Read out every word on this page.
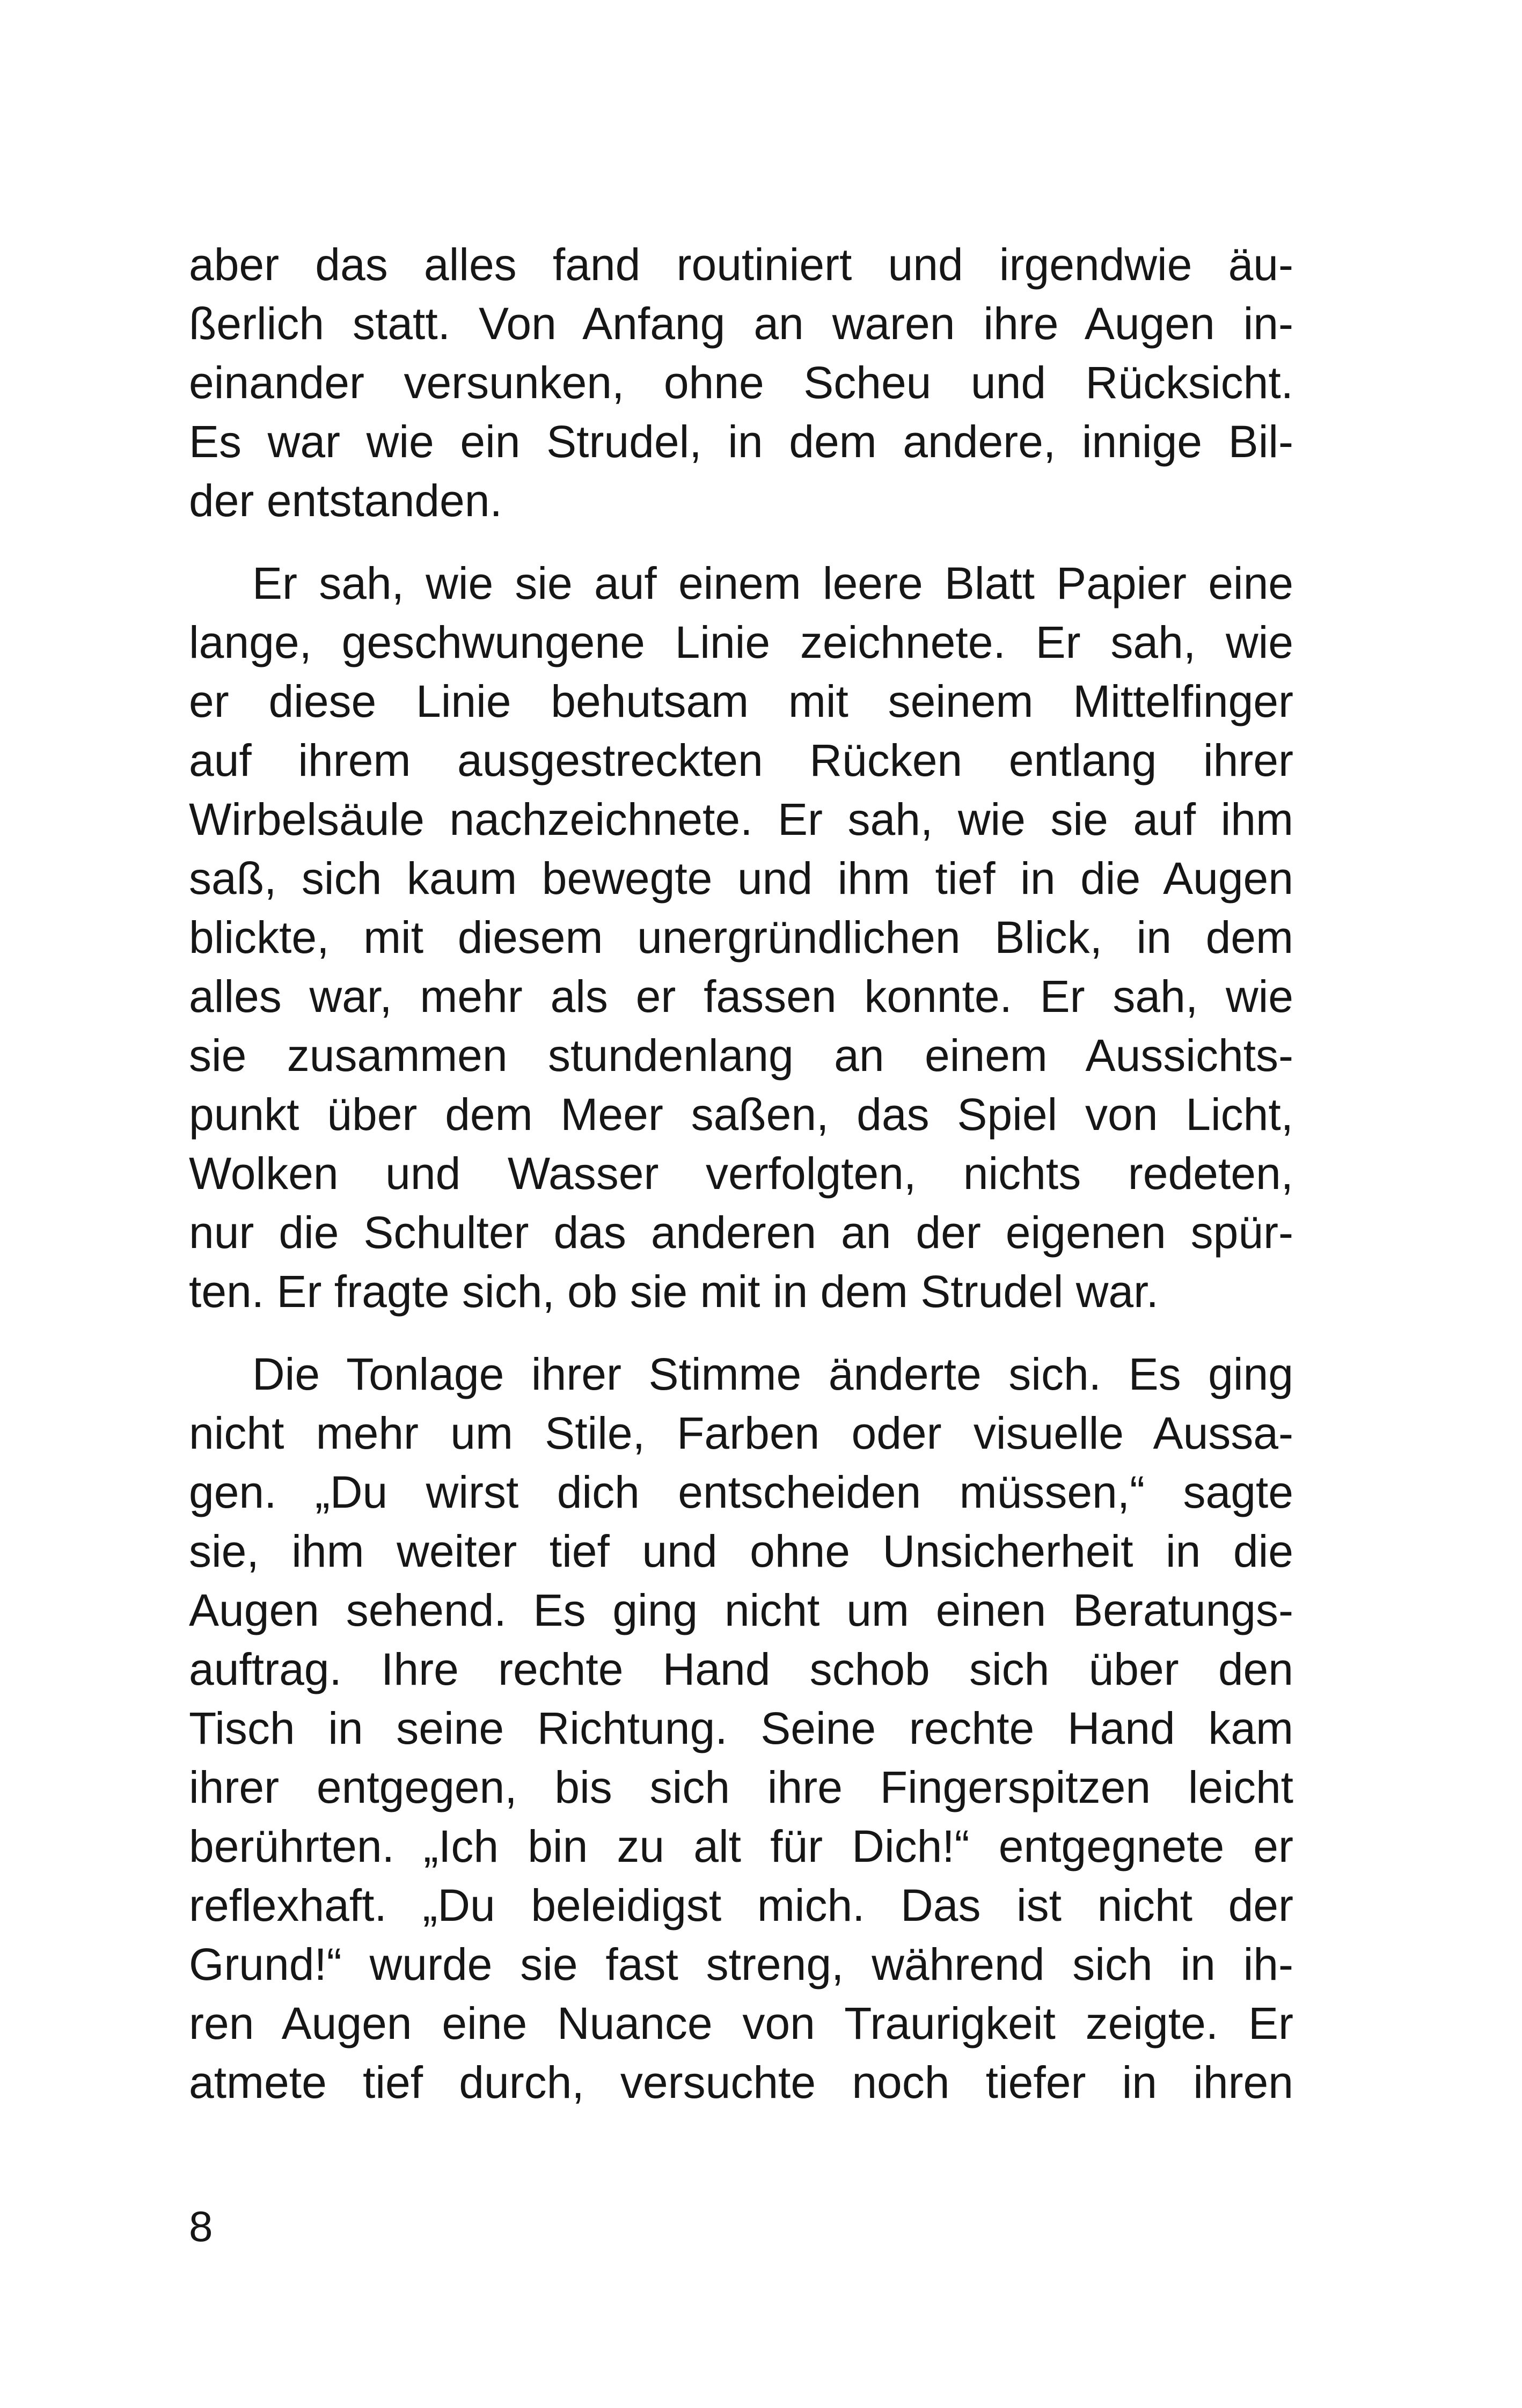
aber das alles fand routiniert und irgendwie äu-
ßerlich statt. Von Anfang an waren ihre Augen in-
einander versunken, ohne Scheu und Rücksicht.
Es war wie ein Strudel, in dem andere, innige Bil-
der entstanden.
Er sah, wie sie auf einem leere Blatt Papier eine
lange, geschwungene Linie zeichnete. Er sah, wie
er diese Linie behutsam mit seinem Mittelfinger
auf ihrem ausgestreckten Rücken entlang ihrer
Wirbelsäule nachzeichnete. Er sah, wie sie auf ihm
saß, sich kaum bewegte und ihm tief in die Augen
blickte, mit diesem unergründlichen Blick, in dem
alles war, mehr als er fassen konnte. Er sah, wie
sie zusammen stundenlang an einem Aussichts-
punkt über dem Meer saßen, das Spiel von Licht,
Wolken und Wasser verfolgten, nichts redeten,
nur die Schulter das anderen an der eigenen spür-
ten. Er fragte sich, ob sie mit in dem Strudel war.
Die Tonlage ihrer Stimme änderte sich. Es ging
nicht mehr um Stile, Farben oder visuelle Aussa-
gen. „Du wirst dich entscheiden müssen,“ sagte
sie, ihm weiter tief und ohne Unsicherheit in die
Augen sehend. Es ging nicht um einen Beratungs-
auftrag. Ihre rechte Hand schob sich über den
Tisch in seine Richtung. Seine rechte Hand kam
ihrer entgegen, bis sich ihre Fingerspitzen leicht
berührten. „Ich bin zu alt für Dich!“ entgegnete er
reflexhaft. „Du beleidigst mich. Das ist nicht der
Grund!“ wurde sie fast streng, während sich in ih-
ren Augen eine Nuance von Traurigkeit zeigte. Er
atmete tief durch, versuchte noch tiefer in ihren
8
